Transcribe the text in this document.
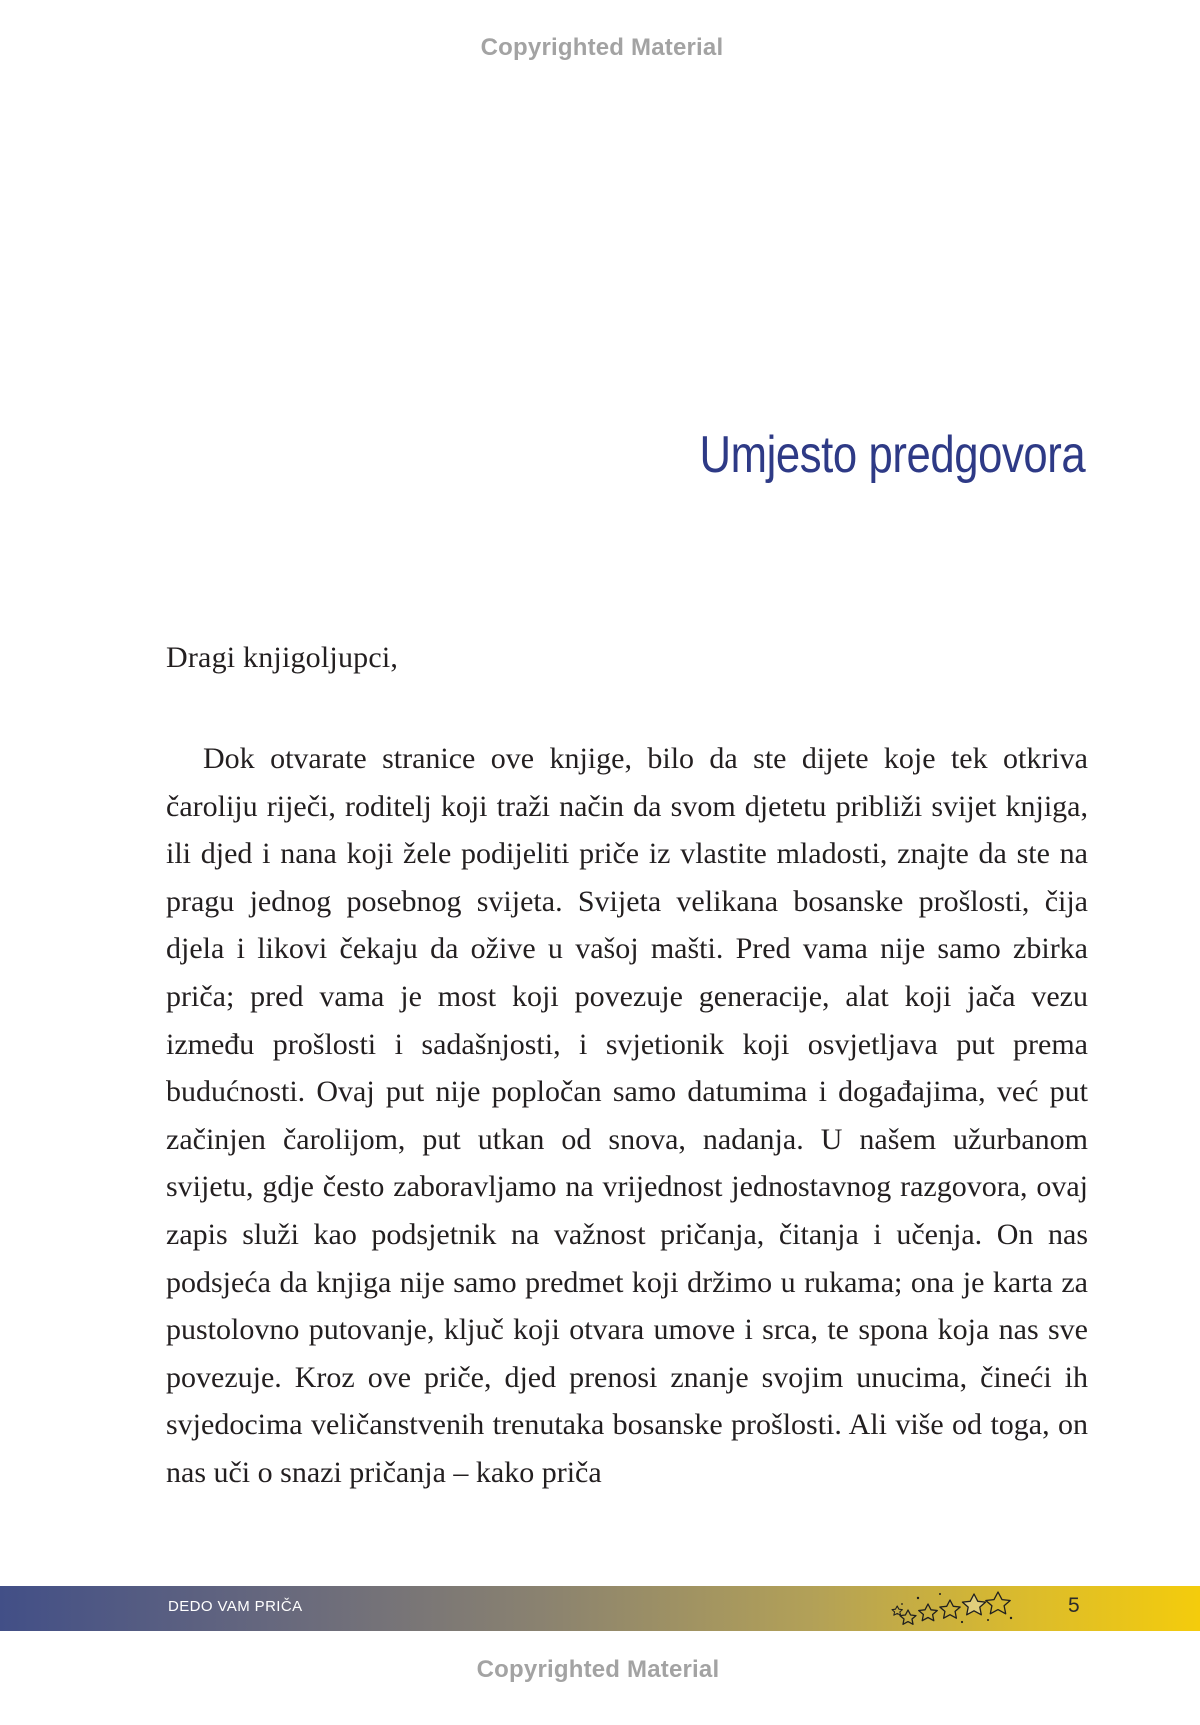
Copyrighted Material
Umjesto predgovora
Dragi knjigoljupci,

Dok otvarate stranice ove knjige, bilo da ste dijete koje tek otkriva čaroliju riječi, roditelj koji traži način da svom djetetu približi svijet knjiga, ili djed i nana koji žele podijeliti priče iz vlastite mladosti, znajte da ste na pragu jednog posebnog svijeta. Svijeta velikana bosanske prošlosti, čija djela i likovi čekaju da ožive u vašoj mašti. Pred vama nije samo zbirka priča; pred vama je most koji povezuje generacije, alat koji jača vezu između prošlosti i sadašnjosti, i svjetionik koji osvjetljava put prema budućnosti. Ovaj put nije popločan samo datumima i događajima, već put začinjen čarolijom, put utkan od snova, nadanja. U našem užurbanom svijetu, gdje često zaboravljamo na vrijednost jednostavnog razgovora, ovaj zapis služi kao podsjetnik na važnost pričanja, čitanja i učenja. On nas podsjeća da knjiga nije samo predmet koji držimo u rukama; ona je karta za pustolovno putovanje, ključ koji otvara umove i srca, te spona koja nas sve povezuje. Kroz ove priče, djed prenosi znanje svojim unucima, čineći ih svjedocima veličanstvenih trenutaka bosanske prošlosti. Ali više od toga, on nas uči o snazi pričanja – kako priča

DEDO VAM PRIČA	5
Copyrighted Material
